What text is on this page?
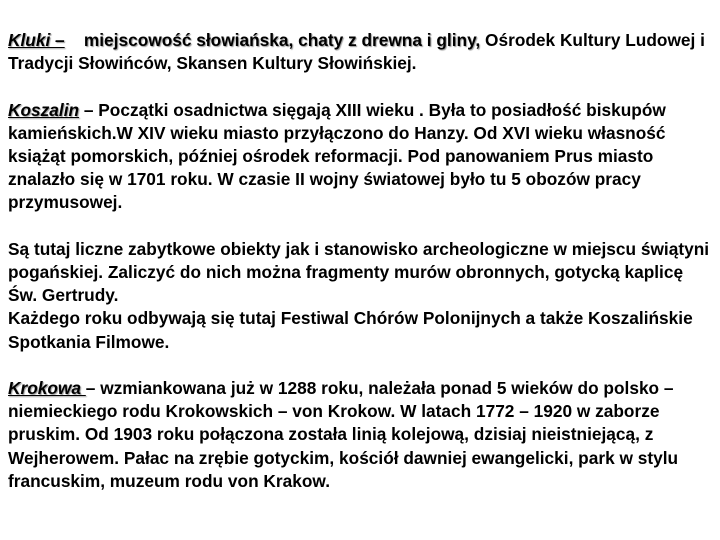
Kluki – miejscowość słowiańska, chaty z drewna i gliny, Ośrodek Kultury Ludowej i Tradycji Słowińców, Skansen Kultury Słowińskiej.

Koszalin – Początki osadnictwa sięgają XIII wieku . Była to posiadłość biskupów kamieńskich.W XIV wieku miasto przyłączono do Hanzy. Od XVI wieku własność książąt pomorskich, później ośrodek reformacji. Pod panowaniem Prus miasto znalazło się w 1701 roku. W czasie II wojny światowej było tu 5 obozów pracy przymusowej.

Są tutaj liczne zabytkowe obiekty jak i stanowisko archeologiczne w miejscu świątyni pogańskiej. Zaliczyć do nich można fragmenty murów obronnych, gotycką kaplicę Św. Gertrudy.

Każdego roku odbywają się tutaj Festiwal Chórów Polonijnych a także Koszalińskie Spotkania Filmowe.

Krokowa – wzmiankowana już w 1288 roku, należała ponad 5 wieków do polsko – niemieckiego rodu Krokowskich – von Krokow. W latach 1772 – 1920 w zaborze pruskim. Od 1903 roku połączona została linią kolejową, dzisiaj nieistniejącą, z Wejherowem. Pałac na zrębie gotyckim, kościół dawniej ewangelicki, park w stylu francuskim, muzeum rodu von Krakow.
